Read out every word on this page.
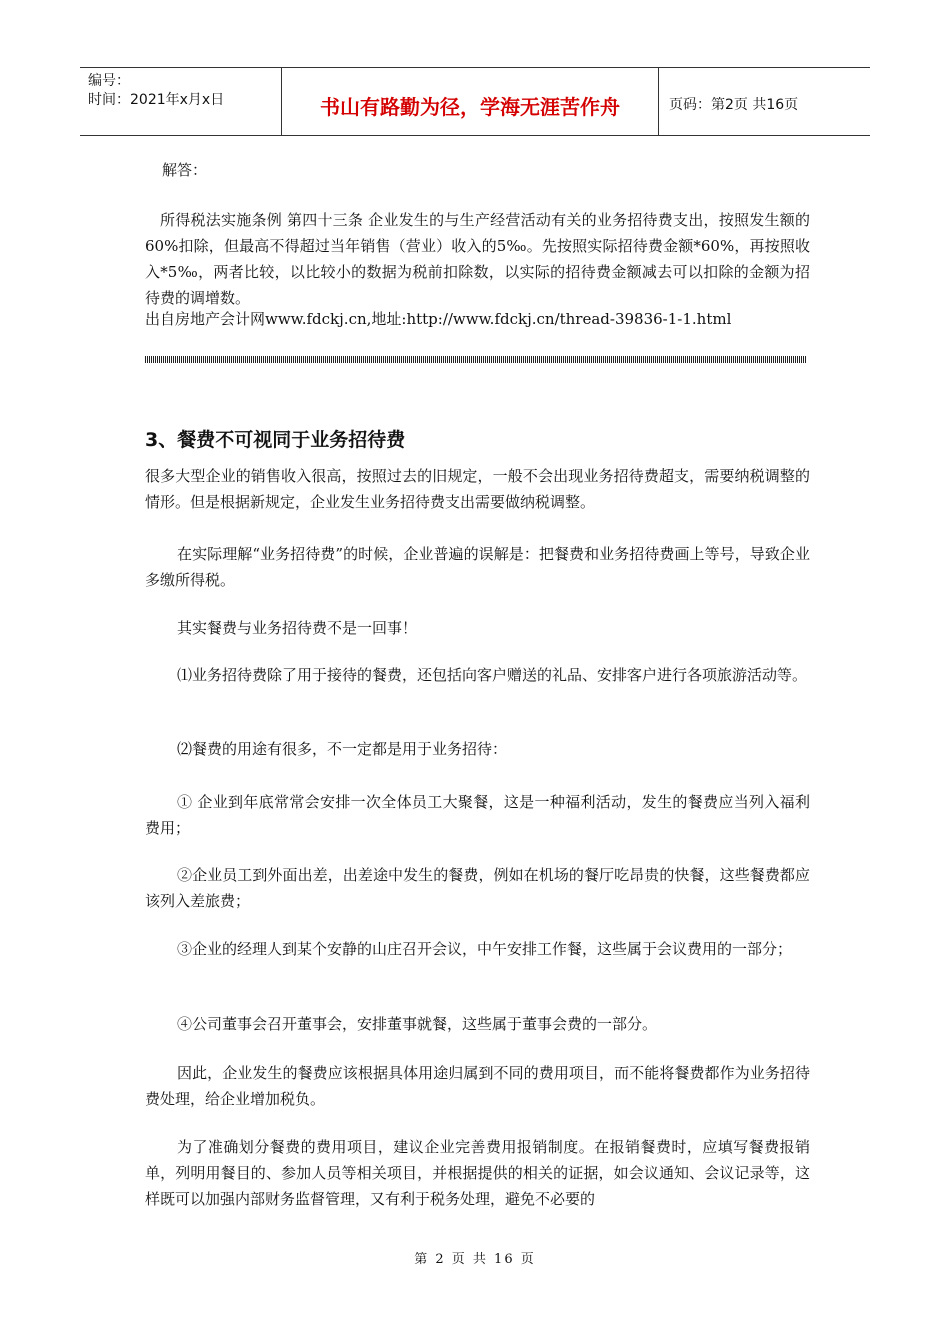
编号：
时间：2021年x月x日	书山有路勤为径，学海无涯苦作舟	页码：第2页 共16页
解答：

所得税法实施条例 第四十三条 企业发生的与生产经营活动有关的业务招待费支出，按照发生额的60%扣除，但最高不得超过当年销售（营业）收入的5‰。先按照实际招待费金额*60%，再按照收入*5‰，两者比较，以比较小的数据为税前扣除数，以实际的招待费金额减去可以扣除的金额为招待费的调增数。

出自房地产会计网www.fdckj.cn,地址:http://www.fdckj.cn/thread-39836-1-1.html
3、餐费不可视同于业务招待费

很多大型企业的销售收入很高，按照过去的旧规定，一般不会出现业务招待费超支，需要纳税调整的情形。但是根据新规定，企业发生业务招待费支出需要做纳税调整。

在实际理解“业务招待费”的时候，企业普遍的误解是：把餐费和业务招待费画上等号，导致企业多缴所得税。

其实餐费与业务招待费不是一回事！

⑴业务招待费除了用于接待的餐费，还包括向客户赠送的礼品、安排客户进行各项旅游活动等。

⑵餐费的用途有很多，不一定都是用于业务招待：

① 企业到年底常常会安排一次全体员工大聚餐，这是一种福利活动，发生的餐费应当列入福利费用；

②企业员工到外面出差，出差途中发生的餐费，例如在机场的餐厅吃昂贵的快餐，这些餐费都应该列入差旅费；

③企业的经理人到某个安静的山庄召开会议，中午安排工作餐，这些属于会议费用的一部分；

④公司董事会召开董事会，安排董事就餐，这些属于董事会费的一部分。

因此，企业发生的餐费应该根据具体用途归属到不同的费用项目，而不能将餐费都作为业务招待费处理，给企业增加税负。

为了准确划分餐费的费用项目，建议企业完善费用报销制度。在报销餐费时，应填写餐费报销单，列明用餐目的、参加人员等相关项目，并根据提供的相关的证据，如会议通知、会议记录等，这样既可以加强内部财务监督管理，又有利于税务处理，避免不必要的

第 2 页 共 16 页
